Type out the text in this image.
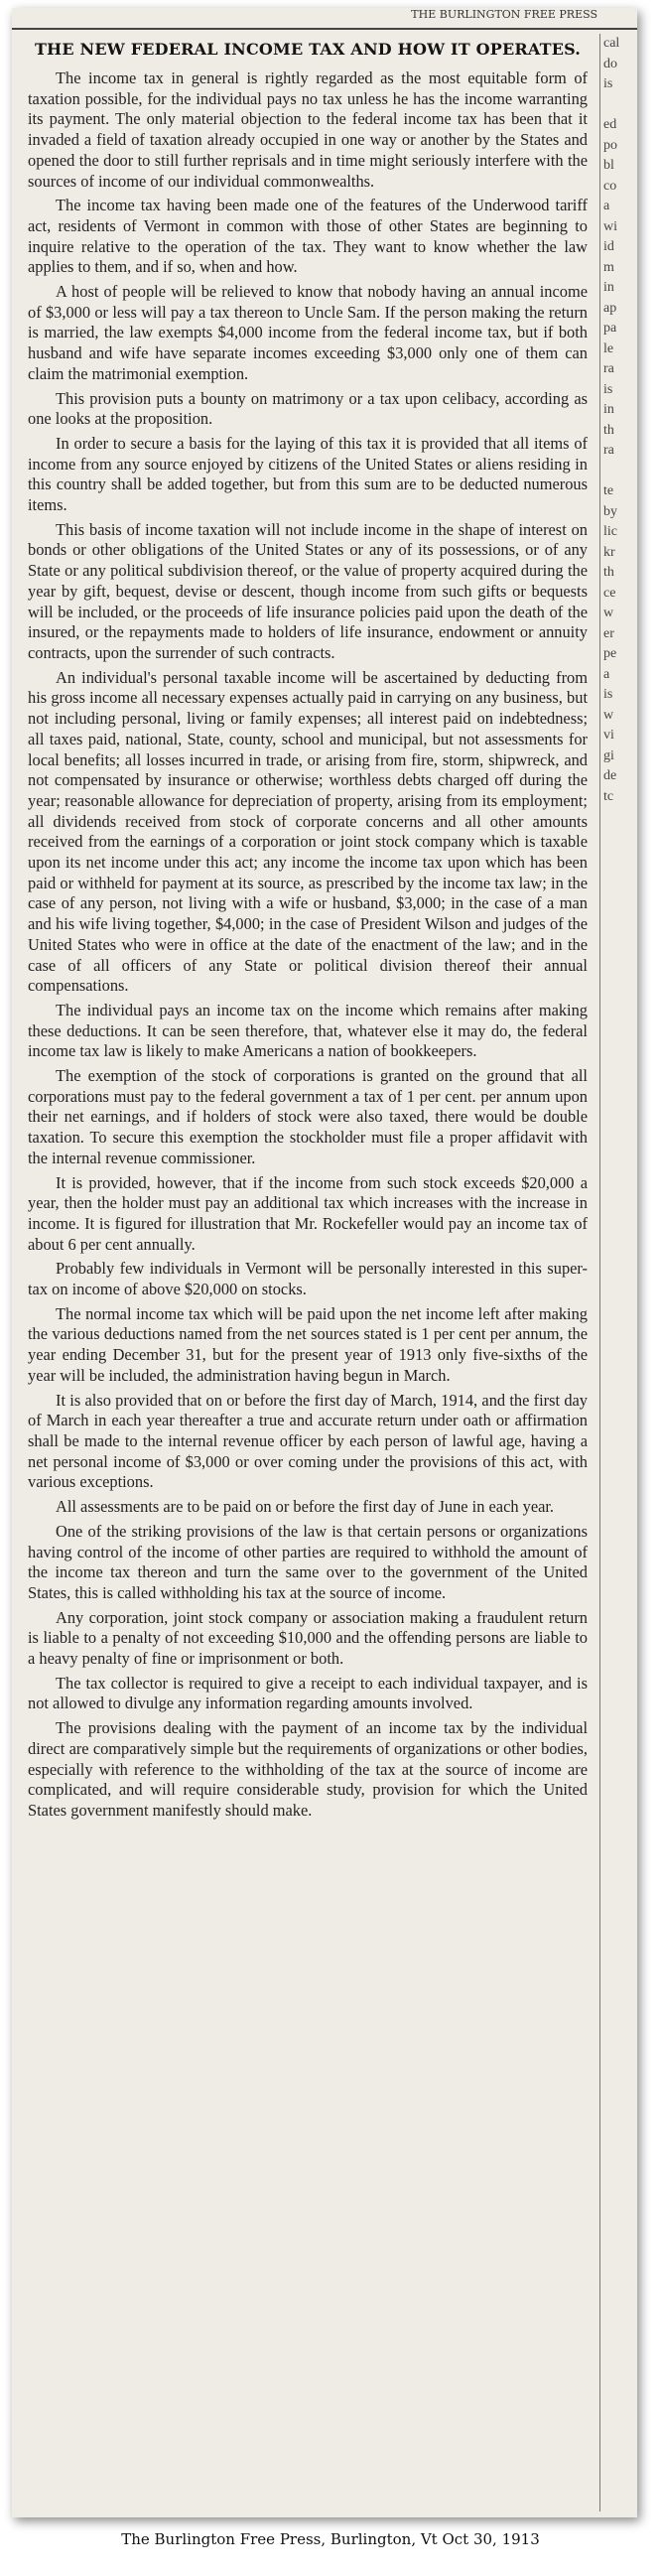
THE BURLINGTON FREE PRESS
THE NEW FEDERAL INCOME TAX AND HOW IT OPERATES.

The income tax in general is rightly regarded as the most equitable form of taxation possible, for the individual pays no tax unless he has the income warranting its payment. The only material objection to the federal income tax has been that it invaded a field of taxation already occupied in one way or another by the States and opened the door to still further reprisals and in time might seriously interfere with the sources of income of our individual commonwealths.

The income tax having been made one of the features of the Underwood tariff act, residents of Vermont in common with those of other States are beginning to inquire relative to the operation of the tax. They want to know whether the law applies to them, and if so, when and how.

A host of people will be relieved to know that nobody having an annual income of $3,000 or less will pay a tax thereon to Uncle Sam. If the person making the return is married, the law exempts $4,000 income from the federal income tax, but if both husband and wife have separate incomes exceeding $3,000 only one of them can claim the matrimonial exemption.

This provision puts a bounty on matrimony or a tax upon celibacy, according as one looks at the proposition.

In order to secure a basis for the laying of this tax it is provided that all items of income from any source enjoyed by citizens of the United States or aliens residing in this country shall be added together, but from this sum are to be deducted numerous items.

This basis of income taxation will not include income in the shape of interest on bonds or other obligations of the United States or any of its possessions, or of any State or any political subdivision thereof, or the value of property acquired during the year by gift, bequest, devise or descent, though income from such gifts or bequests will be included, or the proceeds of life insurance policies paid upon the death of the insured, or the repayments made to holders of life insurance, endowment or annuity contracts, upon the surrender of such contracts.

An individual's personal taxable income will be ascertained by deducting from his gross income all necessary expenses actually paid in carrying on any business, but not including personal, living or family expenses; all interest paid on indebtedness; all taxes paid, national, State, county, school and municipal, but not assessments for local benefits; all losses incurred in trade, or arising from fire, storm, shipwreck, and not compensated by insurance or otherwise; worthless debts charged off during the year; reasonable allowance for depreciation of property, arising from its employment; all dividends received from stock of corporate concerns and all other amounts received from the earnings of a corporation or joint stock company which is taxable upon its net income under this act; any income the income tax upon which has been paid or withheld for payment at its source, as prescribed by the income tax law; in the case of any person, not living with a wife or husband, $3,000; in the case of a man and his wife living together, $4,000; in the case of President Wilson and judges of the United States who were in office at the date of the enactment of the law; and in the case of all officers of any State or political division thereof their annual compensations.

The individual pays an income tax on the income which remains after making these deductions. It can be seen therefore, that, whatever else it may do, the federal income tax law is likely to make Americans a nation of bookkeepers.

The exemption of the stock of corporations is granted on the ground that all corporations must pay to the federal government a tax of 1 per cent. per annum upon their net earnings, and if holders of stock were also taxed, there would be double taxation. To secure this exemption the stockholder must file a proper affidavit with the internal revenue commissioner.

It is provided, however, that if the income from such stock exceeds $20,000 a year, then the holder must pay an additional tax which increases with the increase in income. It is figured for illustration that Mr. Rockefeller would pay an income tax of about 6 per cent annually.

Probably few individuals in Vermont will be personally interested in this super-tax on income of above $20,000 on stocks.

The normal income tax which will be paid upon the net income left after making the various deductions named from the net sources stated is 1 per cent per annum, the year ending December 31, but for the present year of 1913 only five-sixths of the year will be included, the administration having begun in March.

It is also provided that on or before the first day of March, 1914, and the first day of March in each year thereafter a true and accurate return under oath or affirmation shall be made to the internal revenue officer by each person of lawful age, having a net personal income of $3,000 or over coming under the provisions of this act, with various exceptions.

All assessments are to be paid on or before the first day of June in each year.

One of the striking provisions of the law is that certain persons or organizations having control of the income of other parties are required to withhold the amount of the income tax thereon and turn the same over to the government of the United States, this is called withholding his tax at the source of income.

Any corporation, joint stock company or association making a fraudulent return is liable to a penalty of not exceeding $10,000 and the offending persons are liable to a heavy penalty of fine or imprisonment or both.

The tax collector is required to give a receipt to each individual taxpayer, and is not allowed to divulge any information regarding amounts involved.

The provisions dealing with the payment of an income tax by the individual direct are comparatively simple but the requirements of organizations or other bodies, especially with reference to the withholding of the tax at the source of income are complicated, and will require considerable study, provision for which the United States government manifestly should make.

cal
do
is

ed
po
bl
co
a
wi
id
m
in
ap
pa
le
ra
is
in
th
ra

te
by
lic
kr
th
ce
w
er
pe
a
is
w
vi
gi
de
tc
The Burlington Free Press, Burlington, Vt Oct 30, 1913
